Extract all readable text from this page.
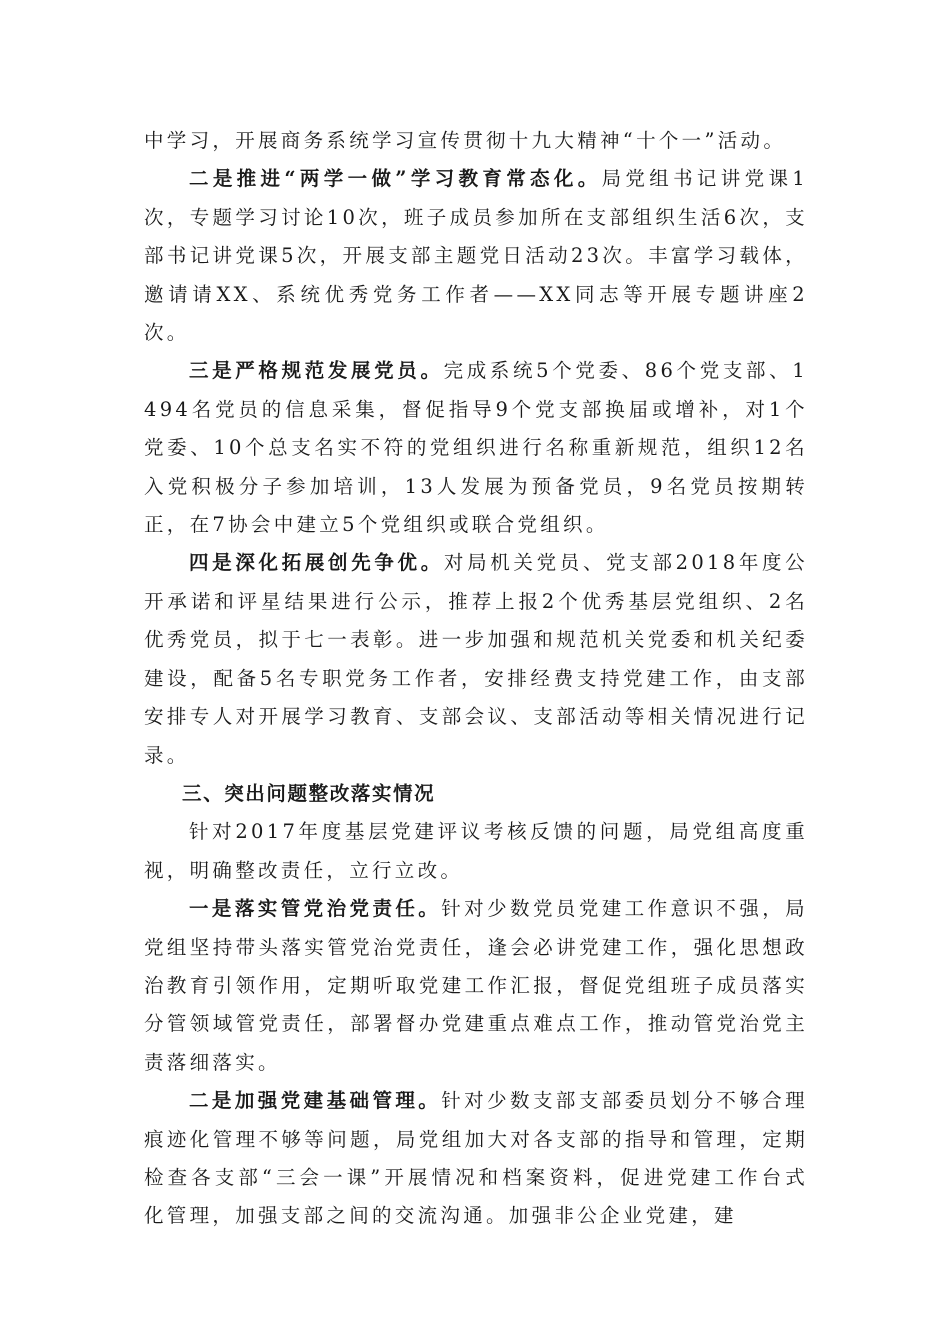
中学习，开展商务系统学习宣传贯彻十九大精神“十个一”活动。

二是推进“两学一做”学习教育常态化。局党组书记讲党课1次，专题学习讨论10次，班子成员参加所在支部组织生活6次，支部书记讲党课5次，开展支部主题党日活动23次。丰富学习载体，邀请请XX、系统优秀党务工作者——XX同志等开展专题讲座2次。

三是严格规范发展党员。完成系统5个党委、86个党支部、1494名党员的信息采集，督促指导9个党支部换届或增补，对1个党委、10个总支名实不符的党组织进行名称重新规范，组织12名入党积极分子参加培训，13人发展为预备党员，9名党员按期转正，在7协会中建立5个党组织或联合党组织。

四是深化拓展创先争优。对局机关党员、党支部2018年度公开承诺和评星结果进行公示，推荐上报2个优秀基层党组织、2名优秀党员，拟于七一表彰。进一步加强和规范机关党委和机关纪委建设，配备5名专职党务工作者，安排经费支持党建工作，由支部安排专人对开展学习教育、支部会议、支部活动等相关情况进行记录。

三、突出问题整改落实情况

针对2017年度基层党建评议考核反馈的问题，局党组高度重视，明确整改责任，立行立改。

一是落实管党治党责任。针对少数党员党建工作意识不强，局党组坚持带头落实管党治党责任，逢会必讲党建工作，强化思想政治教育引领作用，定期听取党建工作汇报，督促党组班子成员落实分管领域管党责任，部署督办党建重点难点工作，推动管党治党主责落细落实。

二是加强党建基础管理。针对少数支部支部委员划分不够合理痕迹化管理不够等问题，局党组加大对各支部的指导和管理，定期检查各支部“三会一课”开展情况和档案资料，促进党建工作台式化管理，加强支部之间的交流沟通。加强非公企业党建，建
